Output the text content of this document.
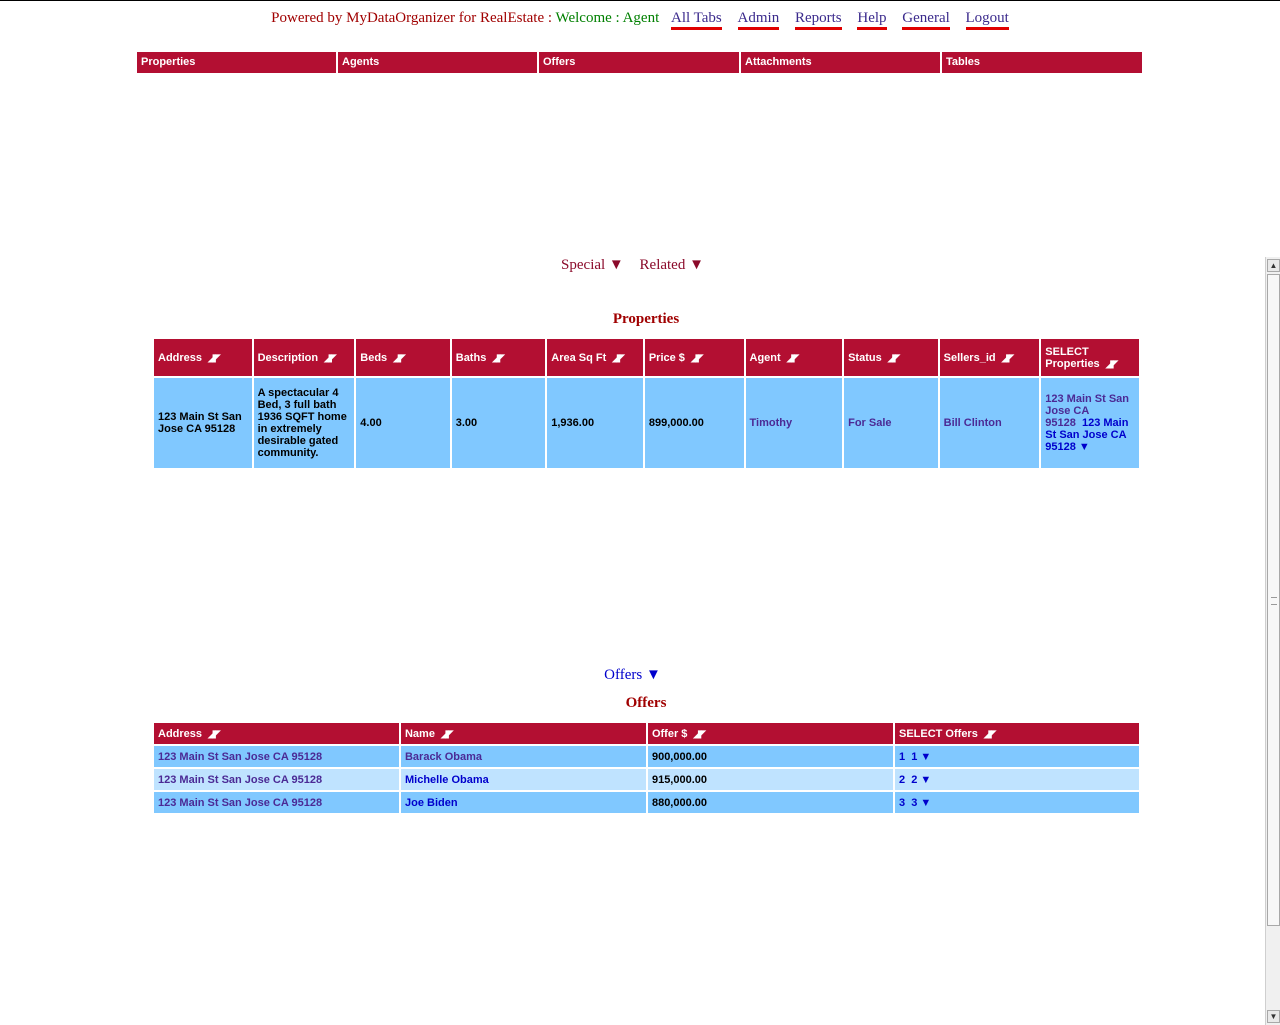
Powered by MyDataOrganizer for RealEstate : Welcome : Agent All Tabs Admin Reports Help General Logout
Properties	Agents	Offers	Attachments	Tables
Special ▼ Related ▼
Properties
Address◢◤	Description◢◤	Beds◢◤	Baths◢◤	Area Sq Ft◢◤	Price $◢◤	Agent◢◤	Status◢◤	Sellers_id◢◤	SELECT Properties◢◤
123 Main St San Jose CA 95128	A spectacular 4 Bed, 3 full bath 1936 SQFT home in extremely desirable gated community.	4.00	3.00	1,936.00	899,000.00	Timothy	For Sale	Bill Clinton	123 Main St San Jose CA 95128 123 Main St San Jose CA 95128 ▼
Offers ▼
Offers
Address◢◤	Name◢◤	Offer $◢◤	SELECT Offers◢◤
123 Main St San Jose CA 95128	Barack Obama	900,000.00	1 1 ▼
123 Main St San Jose CA 95128	Michelle Obama	915,000.00	2 2 ▼
123 Main St San Jose CA 95128	Joe Biden	880,000.00	3 3 ▼
▲
▼
